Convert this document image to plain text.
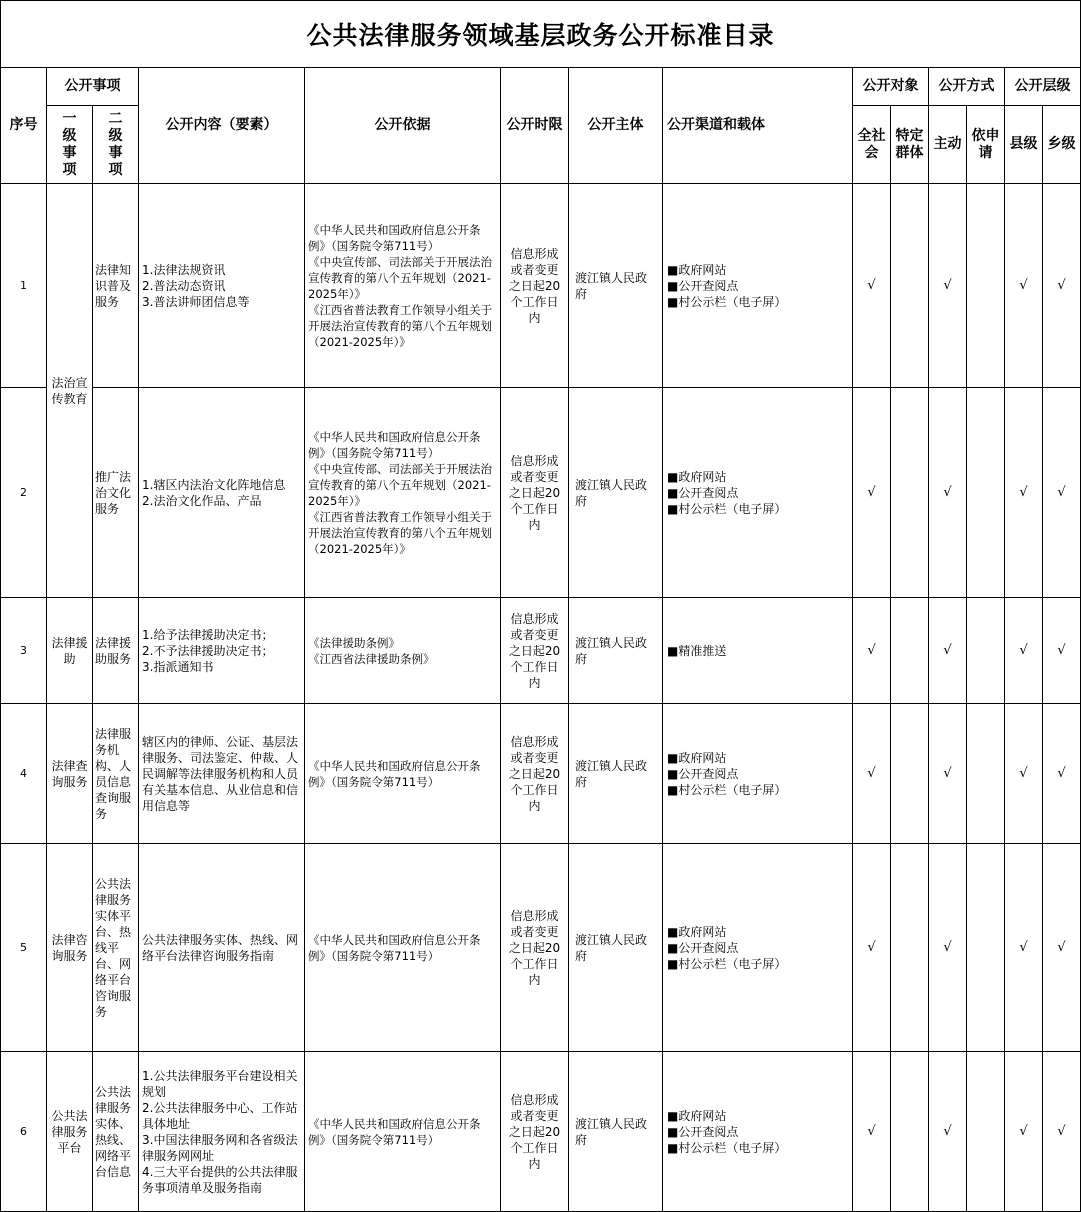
公共法律服务领域基层政务公开标准目录													
序号	公开事项		公开内容（要素）	公开依据	公开时限	公开主体	公开渠道和载体	公开对象		公开方式		公开层级	
	一级事项	二级事项						全社会	特定群体	主动	依申请	县级	乡级
1	法治宣传教育	法律知识普及服务	1.法律法规资讯
2.普法动态资讯
3.普法讲师团信息等	《中华人民共和国政府信息公开条例》（国务院令第711号）
《中央宣传部、司法部关于开展法治宣传教育的第八个五年规划（2021-2025年）》
《江西省普法教育工作领导小组关于开展法治宣传教育的第八个五年规划（2021-2025年）》	信息形成或者变更之日起20个工作日内	渡江镇人民政府	■政府网站
■公开查阅点
■村公示栏（电子屏）	√		√		√	√
2		推广法治文化服务	1.辖区内法治文化阵地信息
2.法治文化作品、产品	《中华人民共和国政府信息公开条例》（国务院令第711号）
《中央宣传部、司法部关于开展法治宣传教育的第八个五年规划（2021-2025年）》
《江西省普法教育工作领导小组关于开展法治宣传教育的第八个五年规划（2021-2025年）》	信息形成或者变更之日起20个工作日内	渡江镇人民政府	■政府网站
■公开查阅点
■村公示栏（电子屏）	√		√		√	√
3	法律援助	法律援助服务	1.给予法律援助决定书；
2.不予法律援助决定书；
3.指派通知书	《法律援助条例》
《江西省法律援助条例》	信息形成或者变更之日起20个工作日内	渡江镇人民政府	■精准推送	√		√		√	√
4	法律查询服务	法律服务机构、人员信息查询服务	辖区内的律师、公证、基层法律服务、司法鉴定、仲裁、人民调解等法律服务机构和人员有关基本信息、从业信息和信用信息等	《中华人民共和国政府信息公开条例》（国务院令第711号）	信息形成或者变更之日起20个工作日内	渡江镇人民政府	■政府网站
■公开查阅点
■村公示栏（电子屏）	√		√		√	√
5	法律咨询服务	公共法律服务实体平台、热线平台、网络平台咨询服务	公共法律服务实体、热线、网络平台法律咨询服务指南	《中华人民共和国政府信息公开条例》（国务院令第711号）	信息形成或者变更之日起20个工作日内	渡江镇人民政府	■政府网站
■公开查阅点
■村公示栏（电子屏）	√		√		√	√
6	公共法律服务平台	公共法律服务实体、热线、网络平台信息	1.公共法律服务平台建设相关规划
2.公共法律服务中心、工作站具体地址
3.中国法律服务网和各省级法律服务网网址
4.三大平台提供的公共法律服务事项清单及服务指南	《中华人民共和国政府信息公开条例》（国务院令第711号）	信息形成或者变更之日起20个工作日内	渡江镇人民政府	■政府网站
■公开查阅点
■村公示栏（电子屏）	√		√		√	√
